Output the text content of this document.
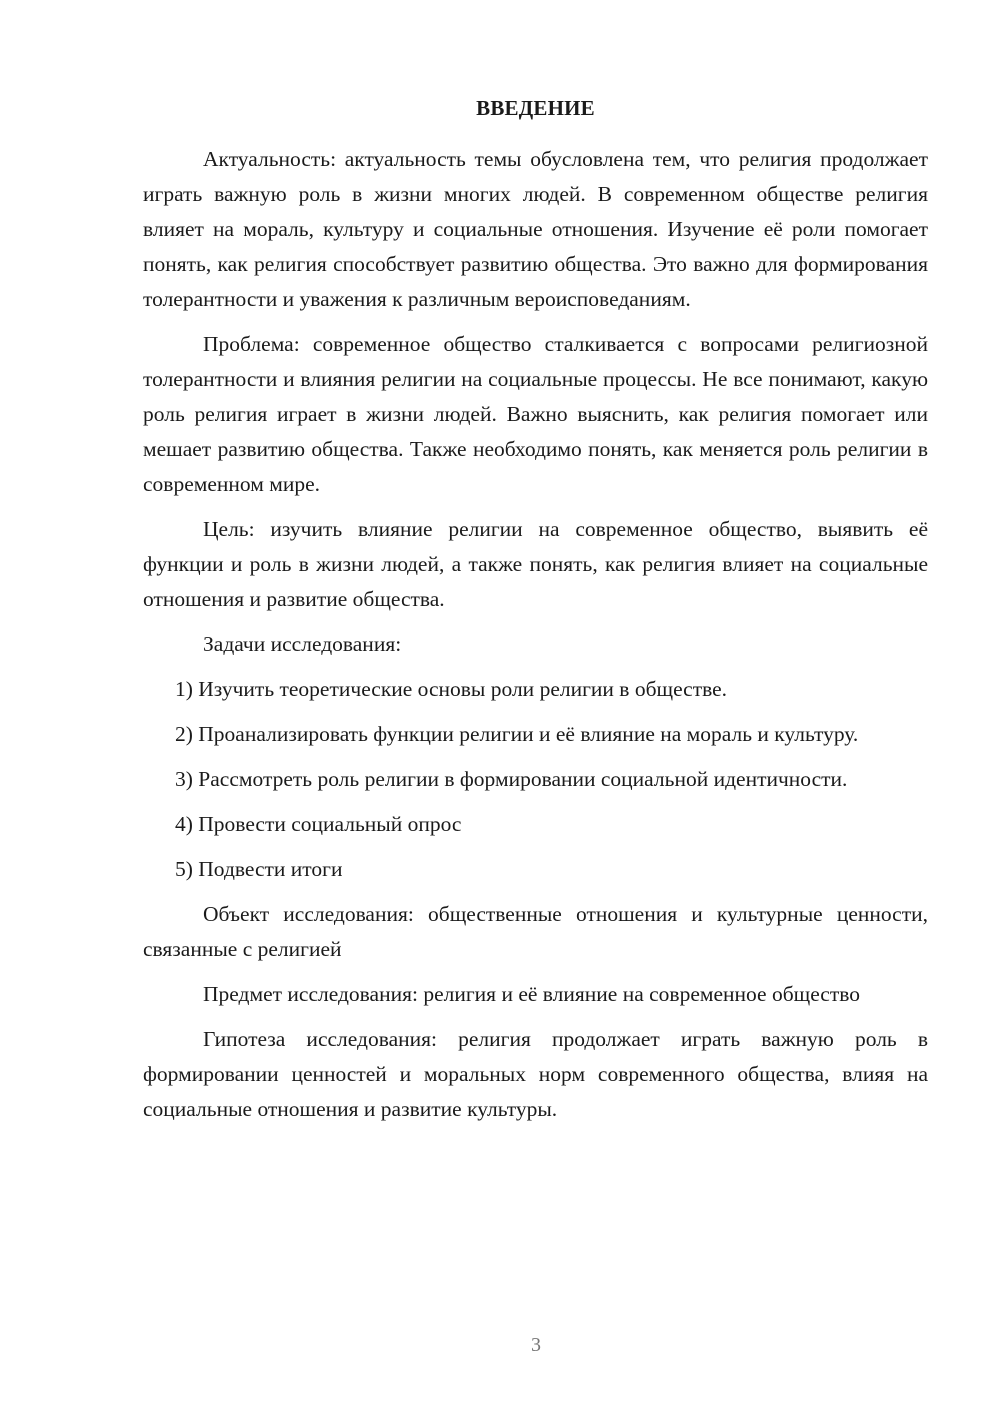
ВВЕДЕНИЕ

Актуальность: актуальность темы обусловлена тем, что религия продолжает играть важную роль в жизни многих людей. В современном обществе религия влияет на мораль, культуру и социальные отношения. Изучение её роли помогает понять, как религия способствует развитию общества. Это важно для формирования толерантности и уважения к различным вероисповеданиям.

Проблема: современное общество сталкивается с вопросами религиозной толерантности и влияния религии на социальные процессы. Не все понимают, какую роль религия играет в жизни людей. Важно выяснить, как религия помогает или мешает развитию общества. Также необходимо понять, как меняется роль религии в современном мире.

Цель: изучить влияние религии на современное общество, выявить её функции и роль в жизни людей, а также понять, как религия влияет на социальные отношения и развитие общества.

Задачи исследования:

1) Изучить теоретические основы роли религии в обществе.

2) Проанализировать функции религии и её влияние на мораль и культуру.

3) Рассмотреть роль религии в формировании социальной идентичности.

4) Провести социальный опрос

5) Подвести итоги

Объект исследования: общественные отношения и культурные ценности, связанные с религией

Предмет исследования: религия и её влияние на современное общество

Гипотеза исследования: религия продолжает играть важную роль в формировании ценностей и моральных норм современного общества, влияя на социальные отношения и развитие культуры.

3
